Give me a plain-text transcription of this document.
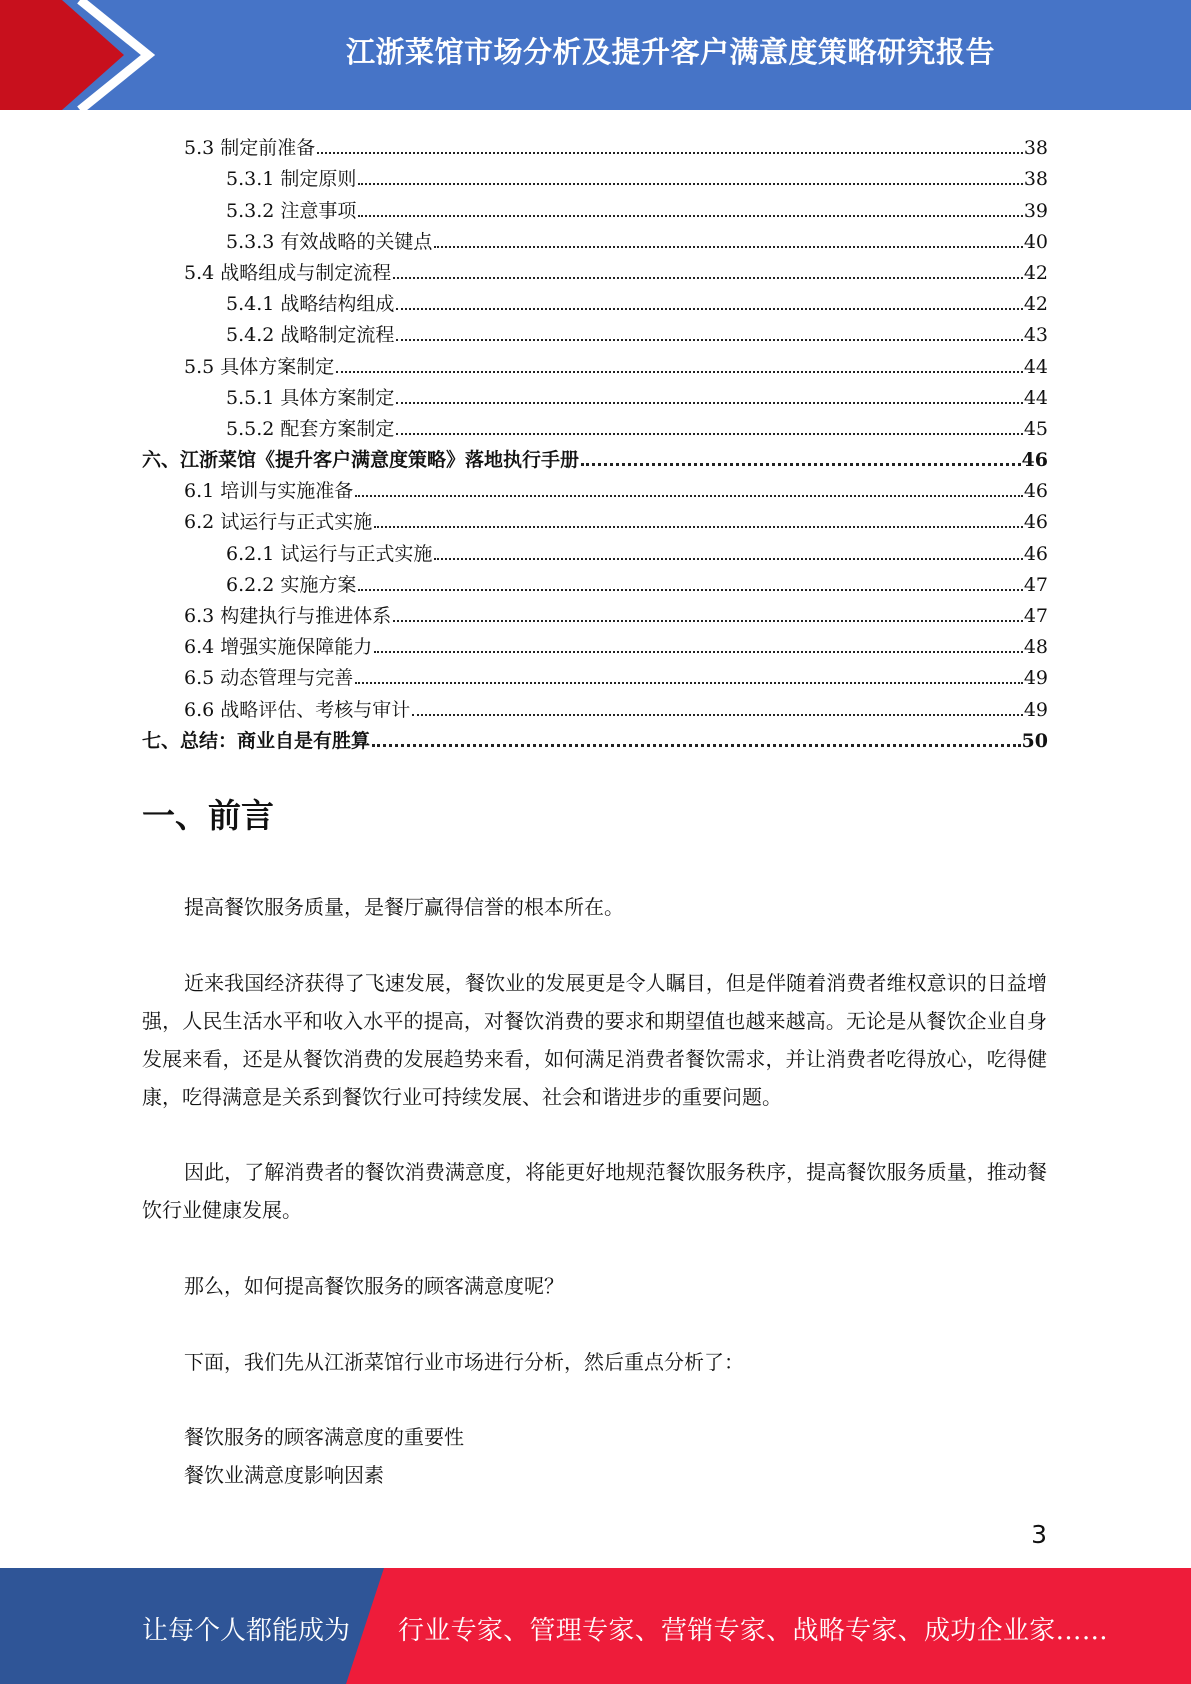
江浙菜馆市场分析及提升客户满意度策略研究报告
5.3 制定前准备	38
5.3.1 制定原则	38
5.3.2 注意事项	39
5.3.3 有效战略的关键点	40
5.4 战略组成与制定流程	42
5.4.1 战略结构组成	42
5.4.2 战略制定流程	43
5.5 具体方案制定	44
5.5.1 具体方案制定	44
5.5.2 配套方案制定	45
六、江浙菜馆《提升客户满意度策略》落地执行手册	46
6.1 培训与实施准备	46
6.2 试运行与正式实施	46
6.2.1 试运行与正式实施	46
6.2.2 实施方案	47
6.3 构建执行与推进体系	47
6.4 增强实施保障能力	48
6.5 动态管理与完善	49
6.6 战略评估、考核与审计	49
七、总结：商业自是有胜算	50
一、前言

提高餐饮服务质量，是餐厅赢得信誉的根本所在。

近来我国经济获得了飞速发展，餐饮业的发展更是令人瞩目，但是伴随着消费者维权意识的日益增强，人民生活水平和收入水平的提高，对餐饮消费的要求和期望值也越来越高。无论是从餐饮企业自身发展来看，还是从餐饮消费的发展趋势来看，如何满足消费者餐饮需求，并让消费者吃得放心，吃得健康，吃得满意是关系到餐饮行业可持续发展、社会和谐进步的重要问题。

因此，了解消费者的餐饮消费满意度，将能更好地规范餐饮服务秩序，提高餐饮服务质量，推动餐饮行业健康发展。

那么，如何提高餐饮服务的顾客满意度呢？

下面，我们先从江浙菜馆行业市场进行分析，然后重点分析了：

餐饮服务的顾客满意度的重要性

餐饮业满意度影响因素

3
让每个人都能成为 行业专家、管理专家、营销专家、战略专家、成功企业家……
